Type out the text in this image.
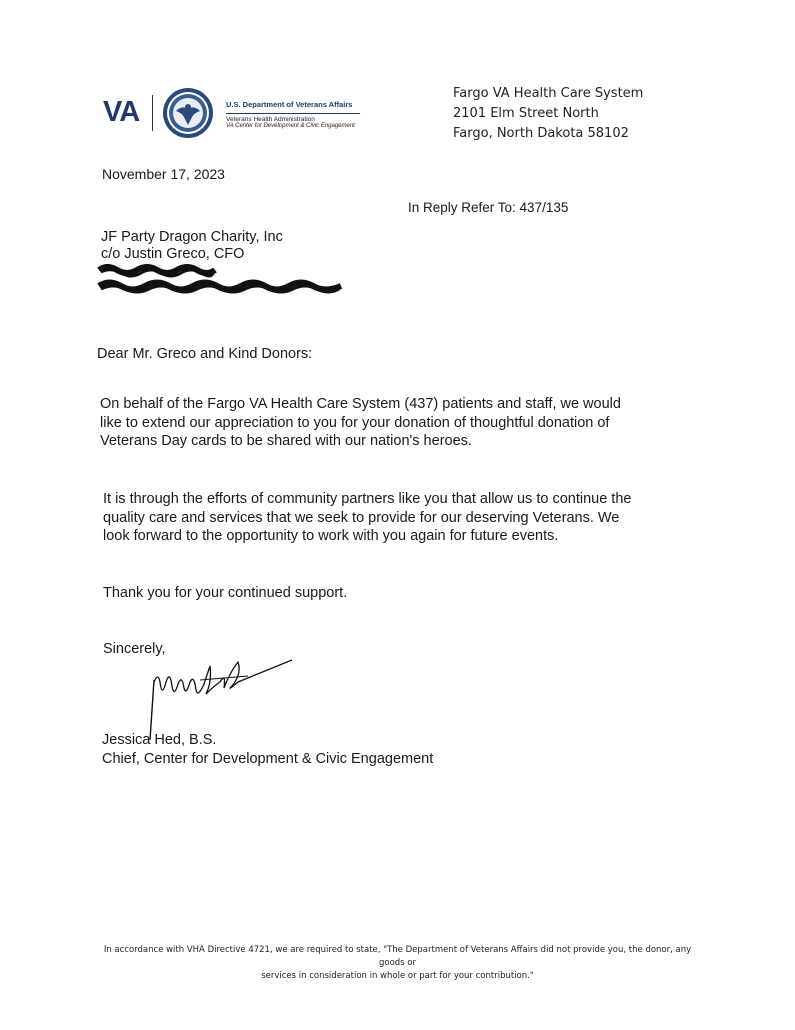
VA	U.S. Department of Veterans Affairs
Veterans Health Administration
VA Center for Development & Civic Engagement
Fargo VA Health Care System
2101 Elm Street North
Fargo, North Dakota 58102
November 17, 2023
In Reply Refer To: 437/135
JF Party Dragon Charity, Inc
c/o Justin Greco, CFO
Dear Mr. Greco and Kind Donors:
On behalf of the Fargo VA Health Care System (437) patients and staff, we would
like to extend our appreciation to you for your donation of thoughtful donation of
Veterans Day cards to be shared with our nation's heroes.
It is through the efforts of community partners like you that allow us to continue the
quality care and services that we seek to provide for our deserving Veterans. We
look forward to the opportunity to work with you again for future events.
Thank you for your continued support.
Sincerely,
Jessica Hed, B.S.
Chief, Center for Development & Civic Engagement
In accordance with VHA Directive 4721, we are required to state, "The Department of Veterans Affairs did not provide you, the donor, any goods or
services in consideration in whole or part for your contribution."
